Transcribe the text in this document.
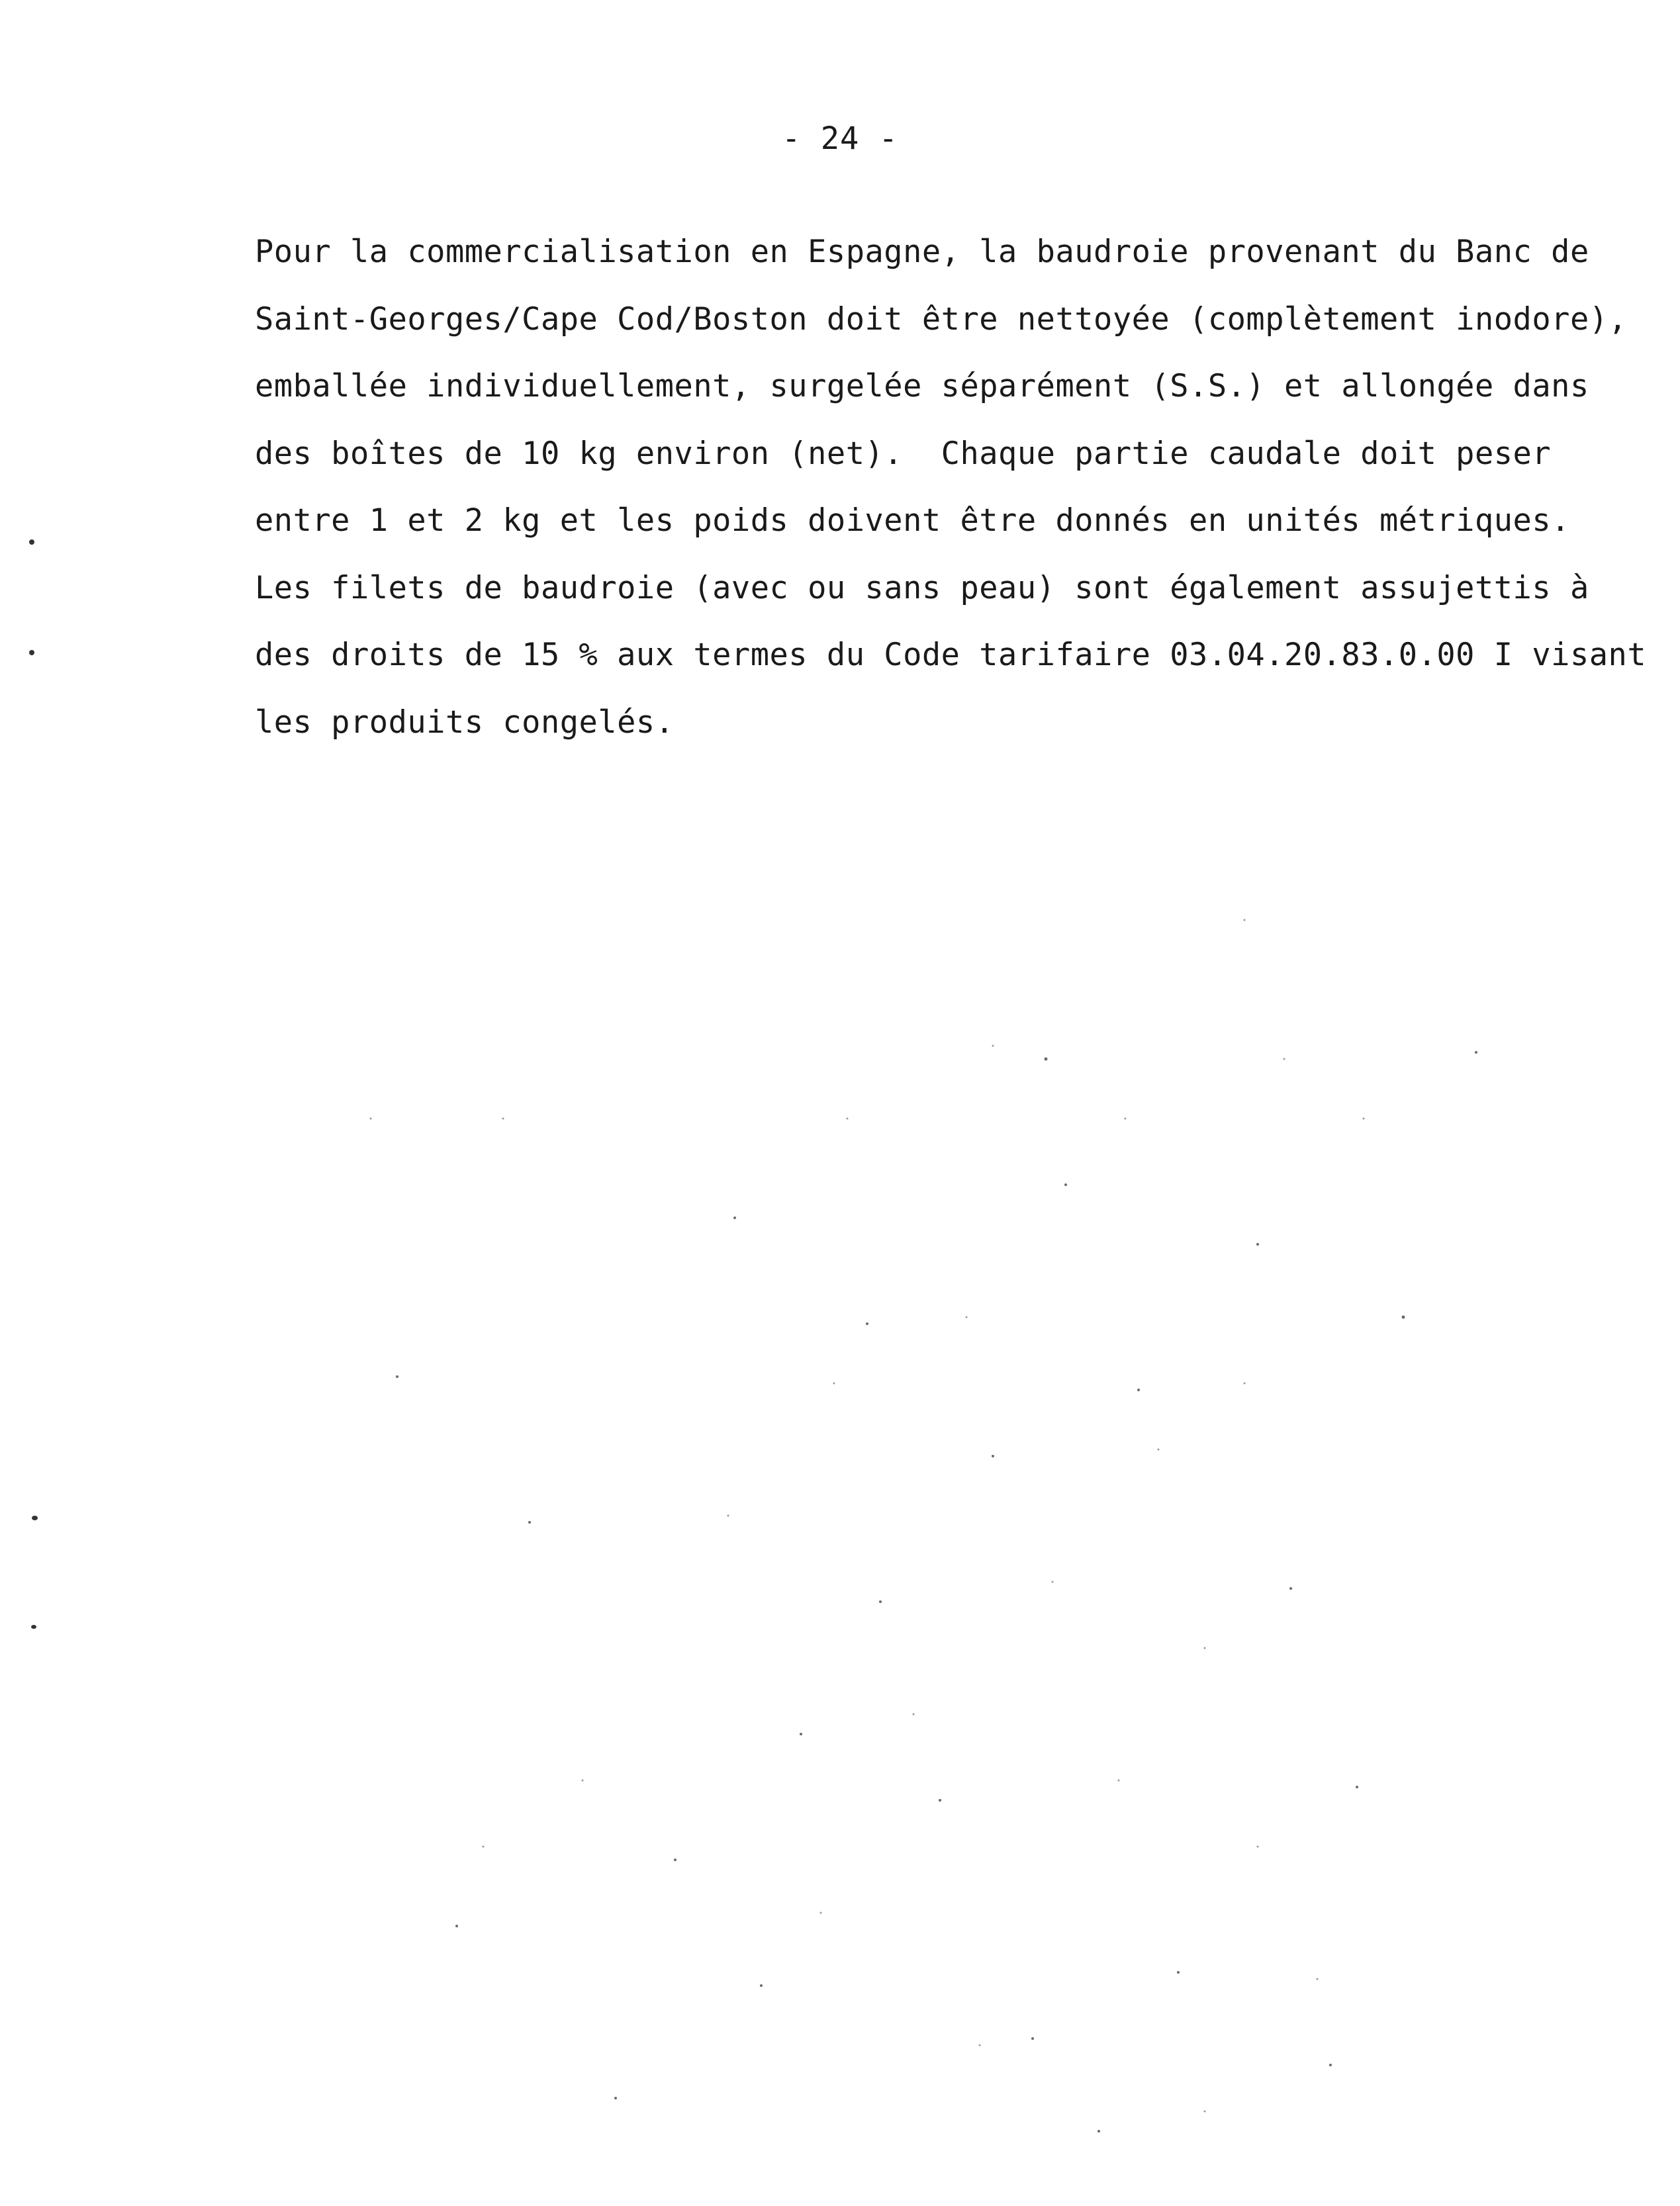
- 24 -
Pour la commercialisation en Espagne, la baudroie provenant du Banc de
Saint-Georges/Cape Cod/Boston doit être nettoyée (complètement inodore),
emballée individuellement, surgelée séparément (S.S.) et allongée dans
des boîtes de 10 kg environ (net).  Chaque partie caudale doit peser
entre 1 et 2 kg et les poids doivent être donnés en unités métriques.
Les filets de baudroie (avec ou sans peau) sont également assujettis à
des droits de 15 % aux termes du Code tarifaire 03.04.20.83.0.00 I visant
les produits congelés.
